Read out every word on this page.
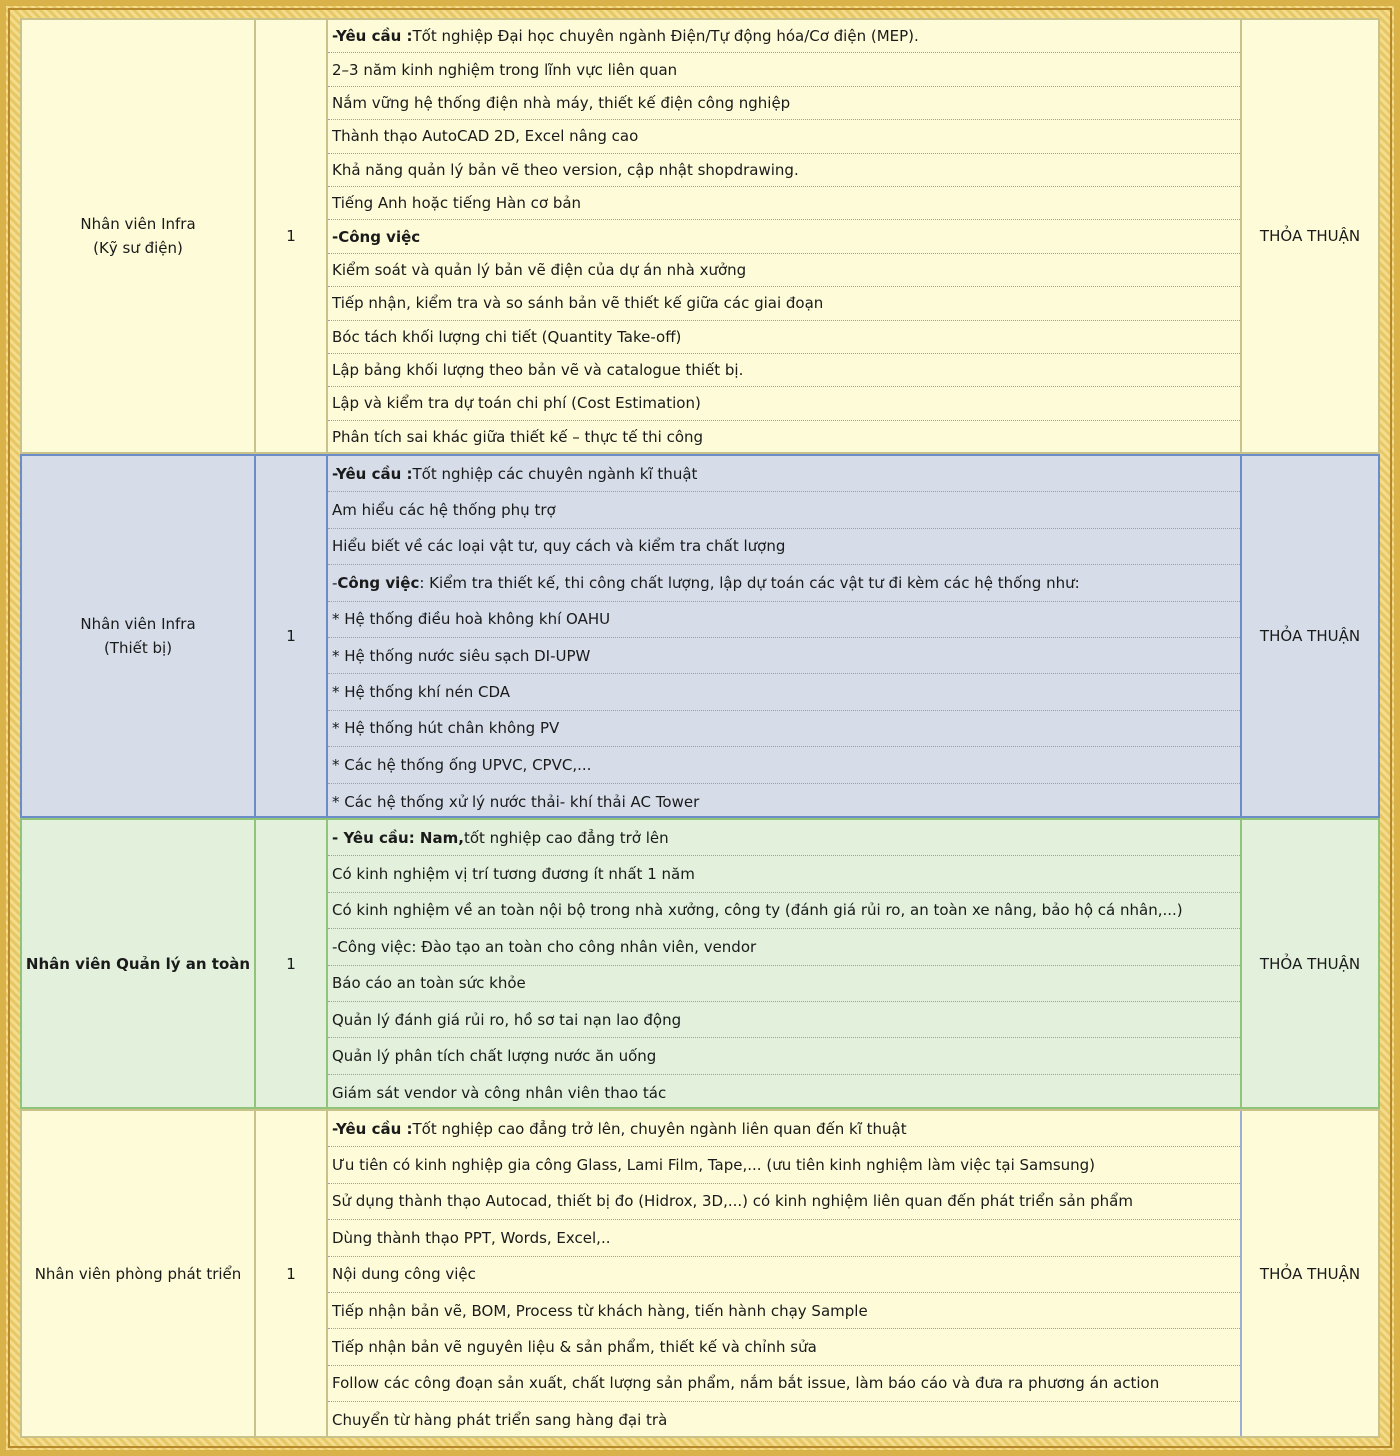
Nhân viên Infra
(Kỹ sư điện)
1
-Yêu cầu : Tốt nghiệp Đại học chuyên ngành Điện/Tự động hóa/Cơ điện (MEP).
2–3 năm kinh nghiệm trong lĩnh vực liên quan
Nắm vững hệ thống điện nhà máy, thiết kế điện công nghiệp
Thành thạo AutoCAD 2D, Excel nâng cao
Khả năng quản lý bản vẽ theo version, cập nhật shopdrawing.
Tiếng Anh hoặc tiếng Hàn cơ bản
-Công việc
Kiểm soát và quản lý bản vẽ điện của dự án nhà xưởng
Tiếp nhận, kiểm tra và so sánh bản vẽ thiết kế giữa các giai đoạn
Bóc tách khối lượng chi tiết (Quantity Take-off)
Lập bảng khối lượng theo bản vẽ và catalogue thiết bị.
Lập và kiểm tra dự toán chi phí (Cost Estimation)
Phân tích sai khác giữa thiết kế – thực tế thi công
THỎA THUẬN
Nhân viên Infra
(Thiết bị)
1
-Yêu cầu : Tốt nghiệp các chuyên ngành kĩ thuật
Am hiểu các hệ thống phụ trợ
Hiểu biết về các loại vật tư, quy cách và kiểm tra chất lượng
- Công việc : Kiểm tra thiết kế, thi công chất lượng, lập dự toán các vật tư đi kèm các hệ thống như:
* Hệ thống điều hoà không khí OAHU
* Hệ thống nước siêu sạch DI-UPW
* Hệ thống khí nén CDA
* Hệ thống hút chân không PV
* Các hệ thống ống UPVC, CPVC,...
* Các hệ thống xử lý nước thải- khí thải AC Tower
THỎA THUẬN
Nhân viên Quản lý an toàn	1
- Yêu cầu: Nam, tốt nghiệp cao đẳng trở lên
Có kinh nghiệm vị trí tương đương ít nhất 1 năm
Có kinh nghiệm về an toàn nội bộ trong nhà xưởng, công ty (đánh giá rủi ro, an toàn xe nâng, bảo hộ cá nhân,...)
-Công việc: Đào tạo an toàn cho công nhân viên, vendor
Báo cáo an toàn sức khỏe
Quản lý đánh giá rủi ro, hồ sơ tai nạn lao động
Quản lý phân tích chất lượng nước ăn uống
Giám sát vendor và công nhân viên thao tác
THỎA THUẬN
Nhân viên phòng phát triển	1
-Yêu cầu : Tốt nghiệp cao đẳng trở lên, chuyên ngành liên quan đến kĩ thuật
Ưu tiên có kinh nghiệp gia công Glass, Lami Film, Tape,... (ưu tiên kinh nghiệm làm việc tại Samsung)
Sử dụng thành thạo Autocad, thiết bị đo (Hidrox, 3D,...) có kinh nghiệm liên quan đến phát triển sản phẩm
Dùng thành thạo PPT, Words, Excel,..
Nội dung công việc
Tiếp nhận bản vẽ, BOM, Process từ khách hàng, tiến hành chạy Sample
Tiếp nhận bản vẽ nguyên liệu & sản phẩm, thiết kế và chỉnh sửa
Follow các công đoạn sản xuất, chất lượng sản phẩm, nắm bắt issue, làm báo cáo và đưa ra phương án action
Chuyển từ hàng phát triển sang hàng đại trà
THỎA THUẬN
